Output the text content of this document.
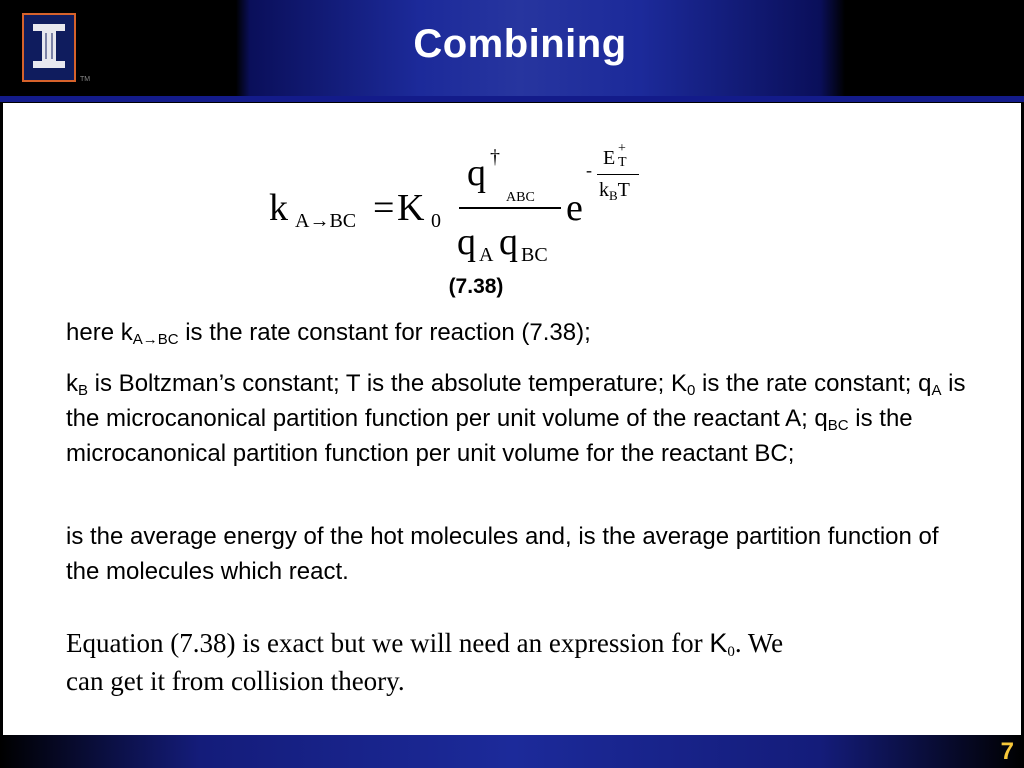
TM
Combining
k A→BC = K 0
q †
ABC
q A q BC
e
-
E +
T
$k_BT$
(7.38)
here $k_{A\to BC}$ is the rate constant for reaction (7.38);
$k_B$ is Boltzman’s constant; T is the absolute temperature; $K_0$ is the rate constant; $q_A$ is the microcanonical partition function per unit volume of the reactant A; $q_{BC}$ is the microcanonical partition function per unit volume for the reactant BC;
is the average energy of the hot molecules and, is the average partition function of the molecules which react.
Equation (7.38) is exact but we will need an expression for $K_0$. We can get it from collision theory.
7
